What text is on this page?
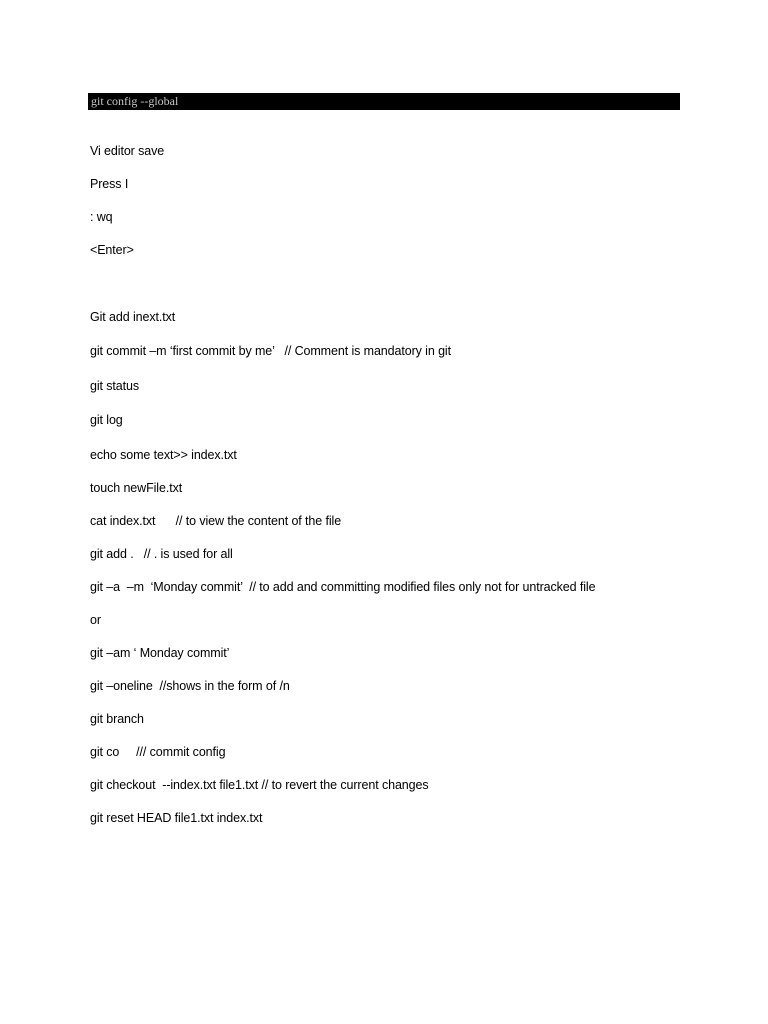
git config --global
Vi editor save
Press I
: wq
<Enter>
Git add inext.txt
git commit –m ‘first commit by me’   // Comment is mandatory in git
git status
git log
echo some text>> index.txt
touch newFile.txt
cat index.txt      // to view the content of the file
git add .   // . is used for all
git –a  –m  ‘Monday commit’  // to add and committing modified files only not for untracked file
or
git –am ‘ Monday commit’
git –oneline  //shows in the form of /n
git branch
git co     /// commit config
git checkout  --index.txt file1.txt // to revert the current changes
git reset HEAD file1.txt index.txt
